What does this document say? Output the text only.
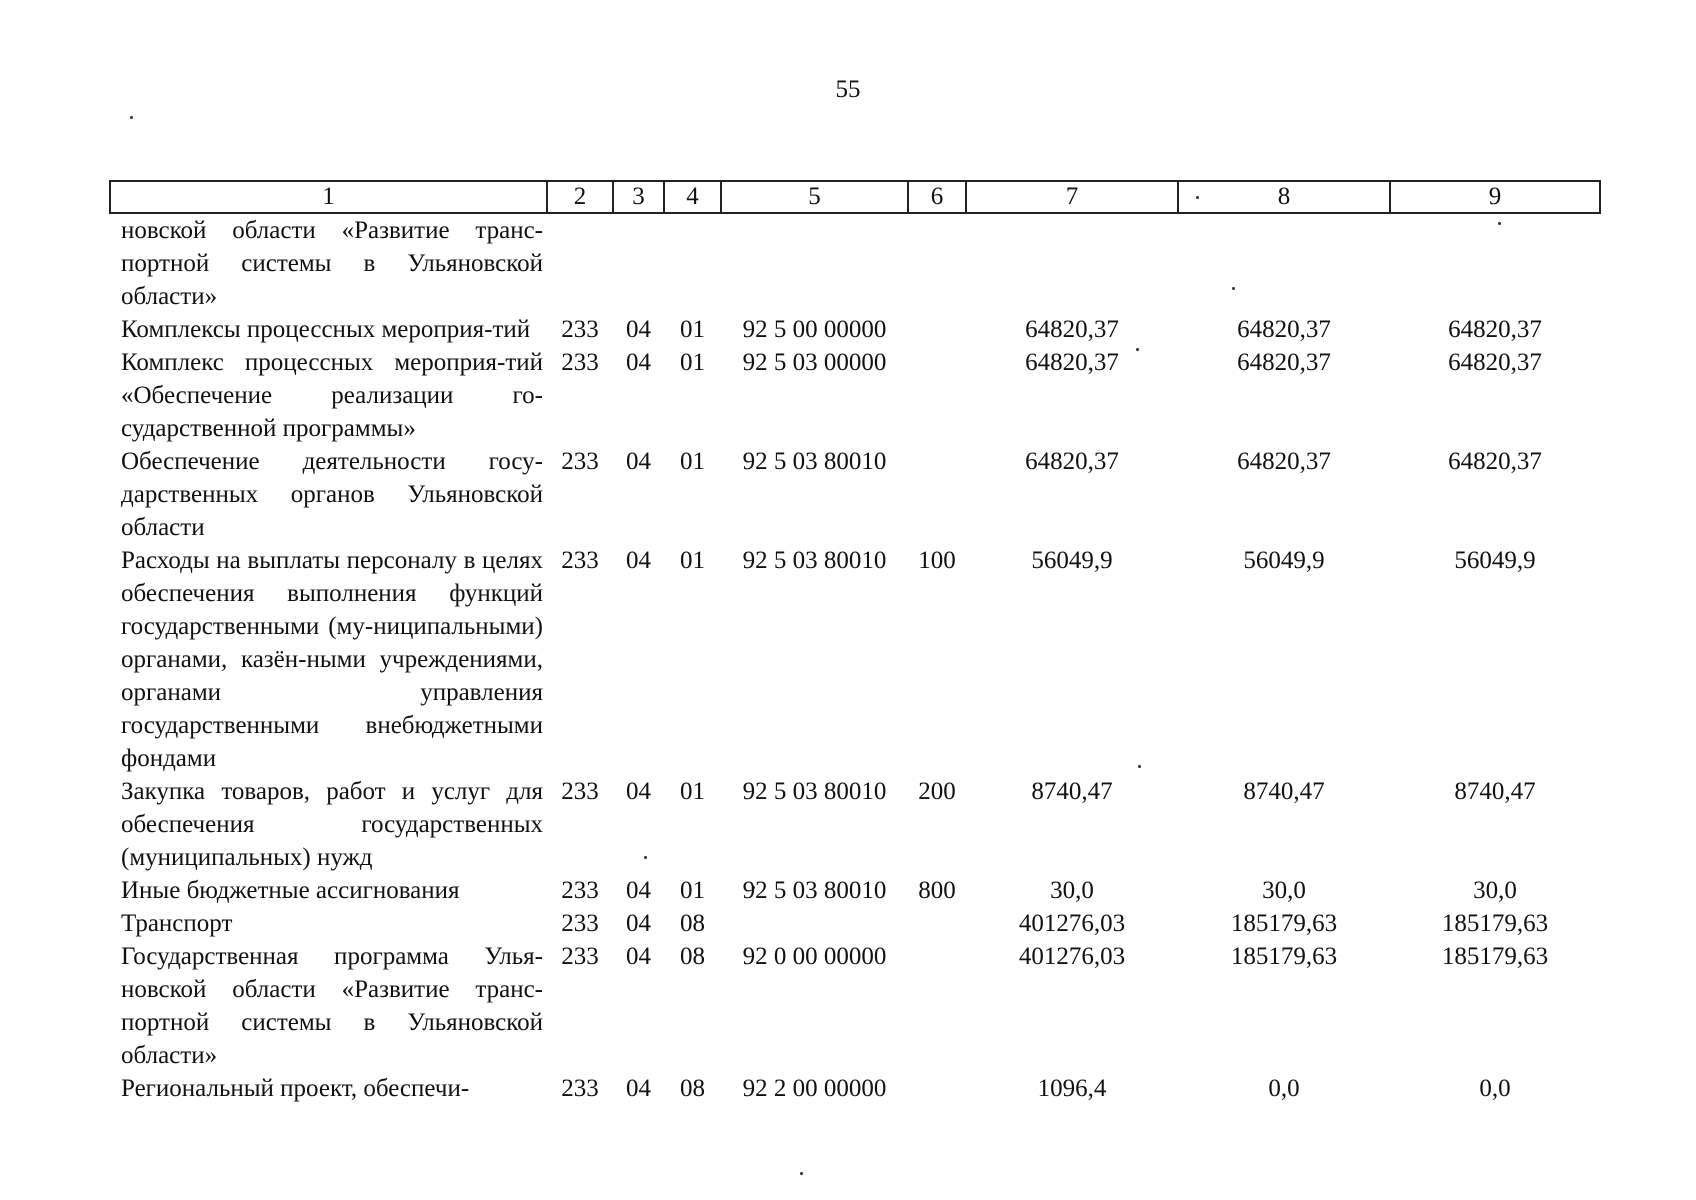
55
1	2	3	4	5	6	7	8	9
новской области «Развитие транс-портной системы в Ульяновской области»								
Комплексы процессных мероприя-тий	233	04	01	92 5 00 00000		64820,37	64820,37	64820,37
Комплекс процессных мероприя-тий «Обеспечение реализации го-сударственной программы»	233	04	01	92 5 03 00000		64820,37	64820,37	64820,37
Обеспечение деятельности госу-дарственных органов Ульяновской области	233	04	01	92 5 03 80010		64820,37	64820,37	64820,37
Расходы на выплаты персоналу в целях обеспечения выполнения функций государственными (му-ниципальными) органами, казён-ными учреждениями, органами управления государственными внебюджетными фондами	233	04	01	92 5 03 80010	100	56049,9	56049,9	56049,9
Закупка товаров, работ и услуг для обеспечения государственных (муниципальных) нужд	233	04	01	92 5 03 80010	200	8740,47	8740,47	8740,47
Иные бюджетные ассигнования	233	04	01	92 5 03 80010	800	30,0	30,0	30,0
Транспорт	233	04	08			401276,03	185179,63	185179,63
Государственная программа Улья-новской области «Развитие транс-портной системы в Ульяновской области»	233	04	08	92 0 00 00000		401276,03	185179,63	185179,63
Региональный проект, обеспечи-	233	04	08	92 2 00 00000		1096,4	0,0	0,0
